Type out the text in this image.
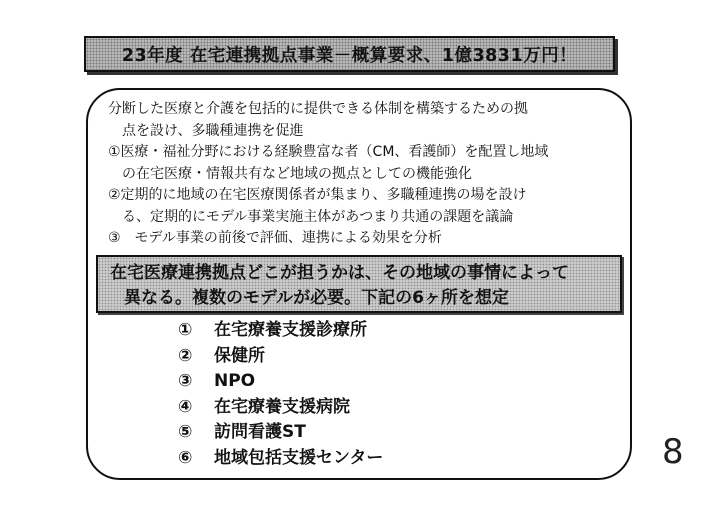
23年度 在宅連携拠点事業－概算要求、1億3831万円！
分断した医療と介護を包括的に提供できる体制を構築するための拠
点を設け、多職種連携を促進
①医療・福祉分野における経験豊富な者（CM、看護師）を配置し地域
の在宅医療・情報共有など地域の拠点としての機能強化
②定期的に地域の在宅医療関係者が集まり、多職種連携の場を設け
る、定期的にモデル事業実施主体があつまり共通の課題を議論
③　モデル事業の前後で評価、連携による効果を分析
在宅医療連携拠点どこが担うかは、その地域の事情によって
異なる。複数のモデルが必要。下記の6ヶ所を想定
①	在宅療養支援診療所
②	保健所
③	NPO
④	在宅療養支援病院
⑤	訪問看護ST
⑥	地域包括支援センター	8
